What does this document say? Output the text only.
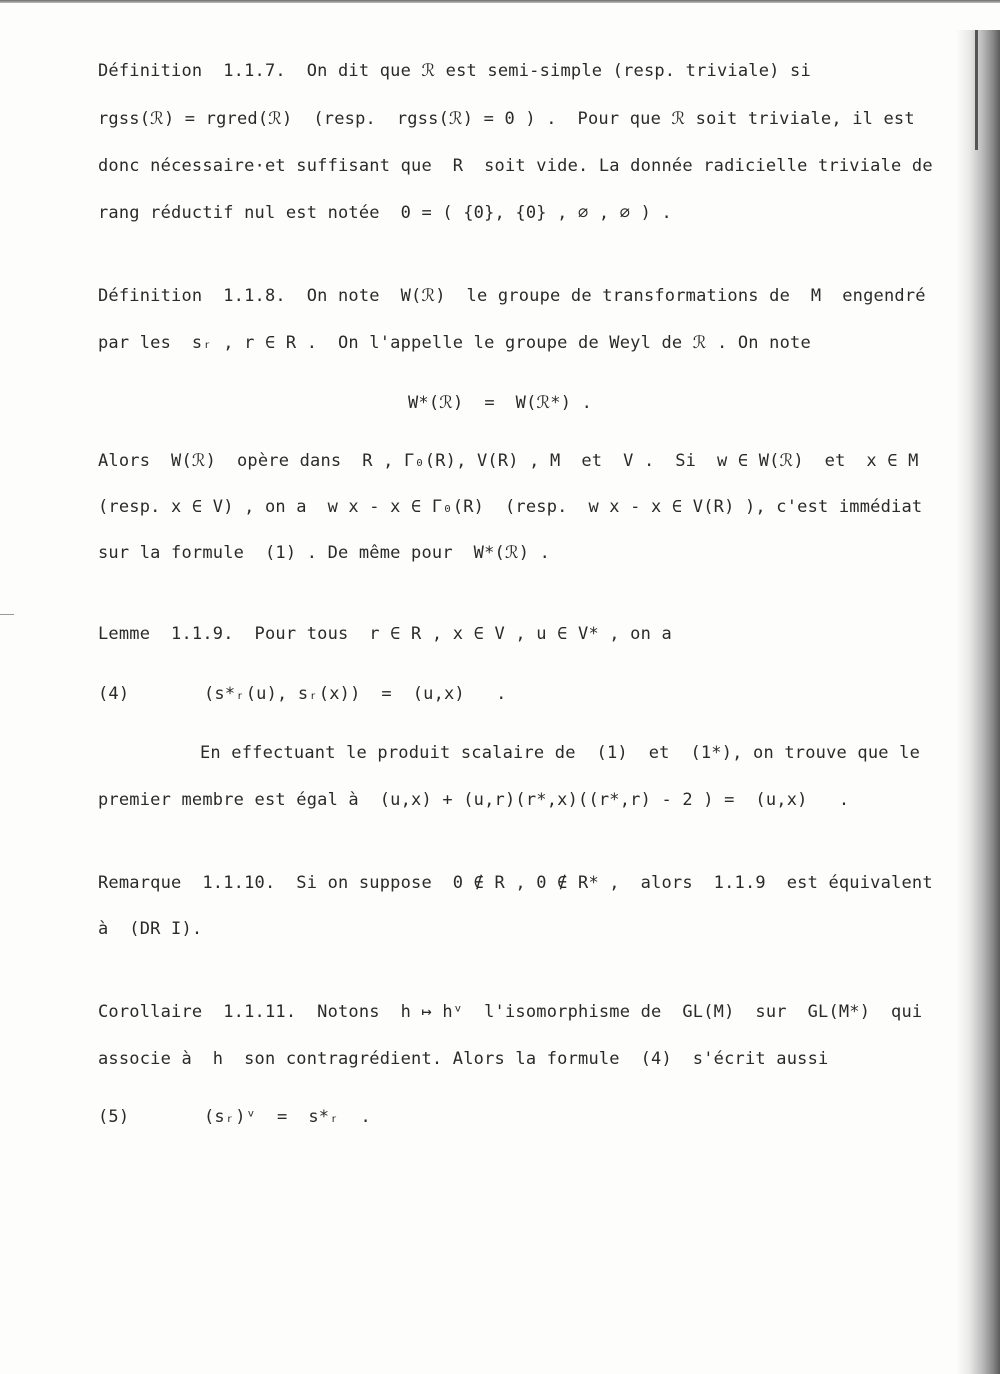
Définition  1.1.7.  On dit que ℛ est semi-simple (resp. triviale) si
rgss(ℛ) = rgred(ℛ)  (resp.  rgss(ℛ) = 0 ) .  Pour que ℛ soit triviale, il est
donc nécessaire·et suffisant que  R  soit vide. La donnée radicielle triviale de
rang réductif nul est notée  0 = ( {0}, {0} , ∅ , ∅ ) .
Définition  1.1.8.  On note  W(ℛ)  le groupe de transformations de  M  engendré
par les  sᵣ , r ∈ R .  On l'appelle le groupe de Weyl de ℛ . On note
W*(ℛ)  =  W(ℛ*) .
Alors  W(ℛ)  opère dans  R , Γ₀(R), V(R) , M  et  V .  Si  w ∈ W(ℛ)  et  x ∈ M
(resp. x ∈ V) , on a  w x - x ∈ Γ₀(R)  (resp.  w x - x ∈ V(R) ), c'est immédiat
sur la formule  (1) . De même pour  W*(ℛ) .
Lemme  1.1.9.  Pour tous  r ∈ R , x ∈ V , u ∈ V* , on a
(4)	(s*ᵣ(u), sᵣ(x))  =  (u,x)   .
En effectuant le produit scalaire de  (1)  et  (1*), on trouve que le
premier membre est égal à  (u,x) + (u,r)(r*,x)((r*,r) - 2 ) =  (u,x)   .
Remarque  1.1.10.  Si on suppose  0 ∉ R , 0 ∉ R* ,  alors  1.1.9  est équivalent
à  (DR I).
Corollaire  1.1.11.  Notons  h ↦ hᵛ  l'isomorphisme de  GL(M)  sur  GL(M*)  qui
associe à  h  son contragrédient. Alors la formule  (4)  s'écrit aussi
(5)	(sᵣ)ᵛ  =  s*ᵣ  .
